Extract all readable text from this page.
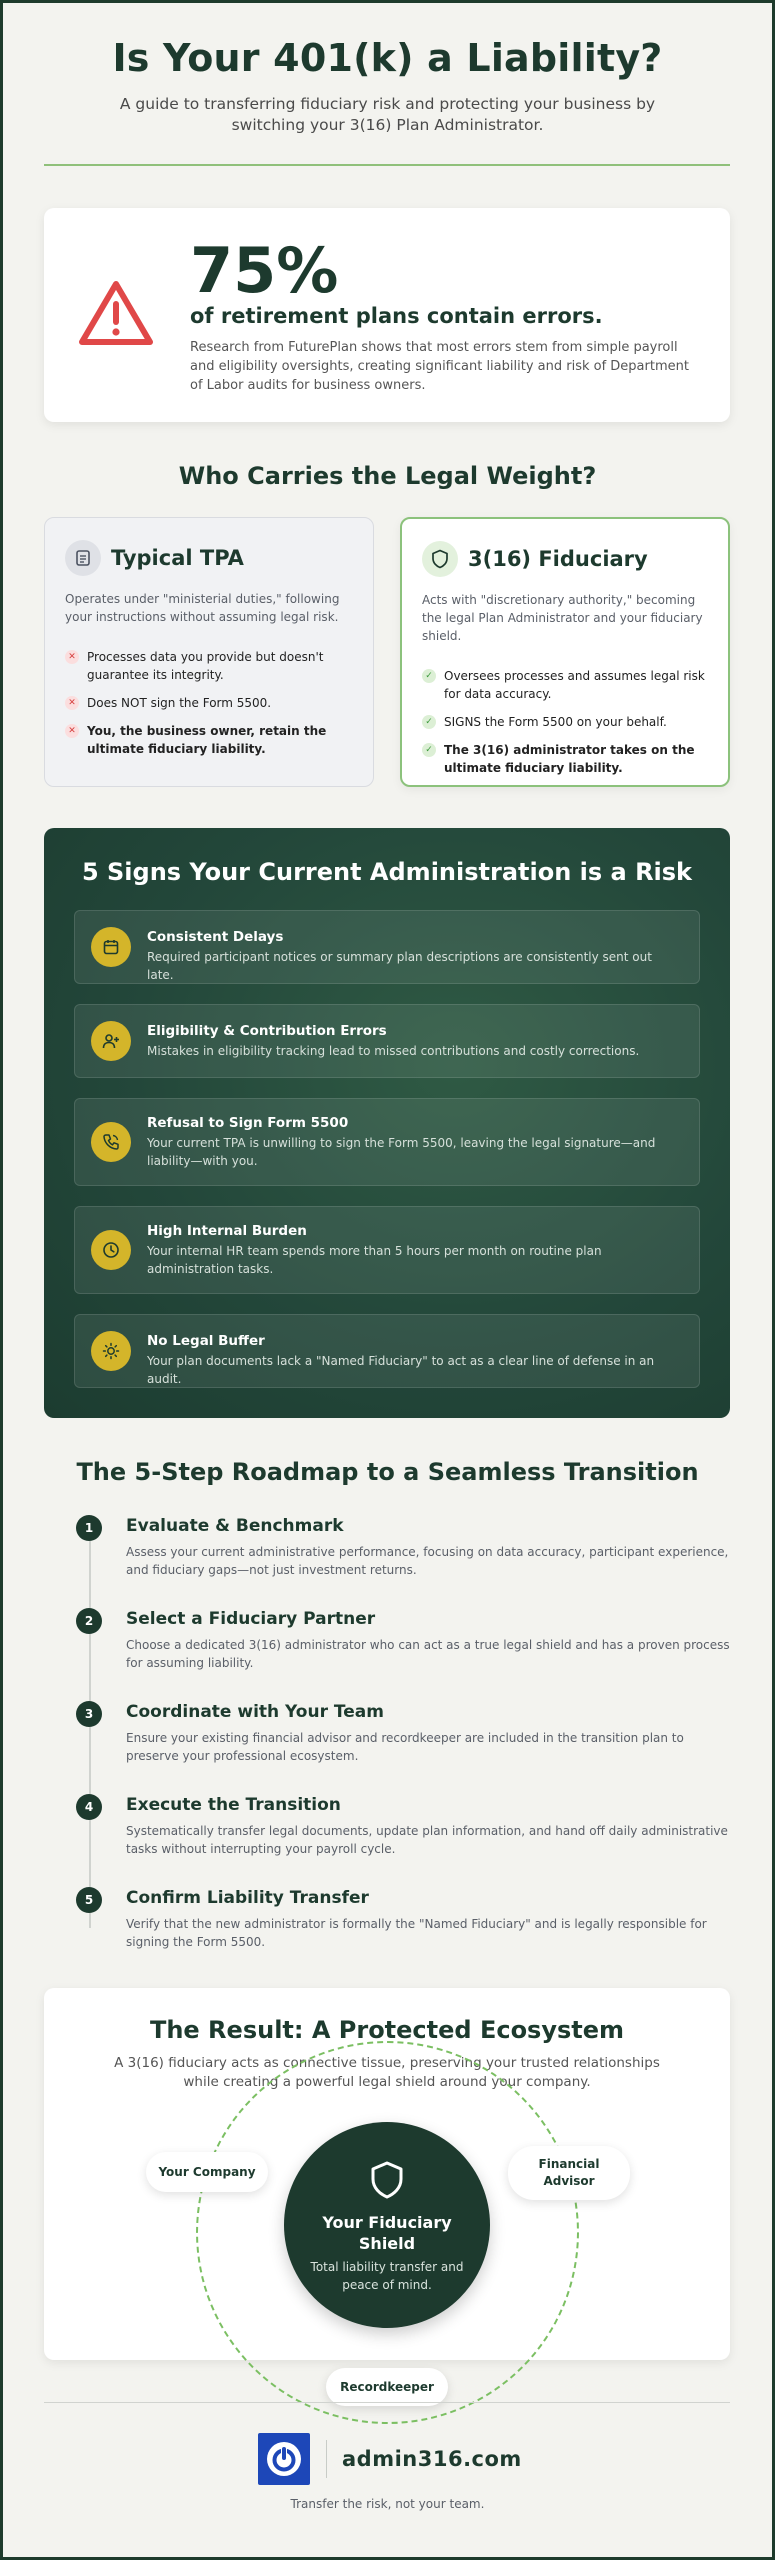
Is Your 401(k) a Liability?

A guide to transferring fiduciary risk and protecting your business by switching your 3(16) Plan Administrator.

75%
of retirement plans contain errors.
Research from FuturePlan shows that most errors stem from simple payroll and eligibility oversights, creating significant liability and risk of Department of Labor audits for business owners.
Who Carries the Legal Weight?
Typical TPA
Operates under "ministerial duties," following your instructions without assuming legal risk.
✕ Processes data you provide but doesn't guarantee its integrity.
✕ Does NOT sign the Form 5500.
✕ You, the business owner, retain the ultimate fiduciary liability.
3(16) Fiduciary
Acts with "discretionary authority," becoming the legal Plan Administrator and your fiduciary shield.
✓ Oversees processes and assumes legal risk for data accuracy.
✓ SIGNS the Form 5500 on your behalf.
✓ The 3(16) administrator takes on the ultimate fiduciary liability.
5 Signs Your Current Administration is a Risk
Consistent Delays
Required participant notices or summary plan descriptions are consistently sent out late.
Eligibility & Contribution Errors
Mistakes in eligibility tracking lead to missed contributions and costly corrections.
Refusal to Sign Form 5500
Your current TPA is unwilling to sign the Form 5500, leaving the legal signature—and liability—with you.
High Internal Burden
Your internal HR team spends more than 5 hours per month on routine plan administration tasks.
No Legal Buffer
Your plan documents lack a "Named Fiduciary" to act as a clear line of defense in an audit.
The 5-Step Roadmap to a Seamless Transition
1	Evaluate & Benchmark
Assess your current administrative performance, focusing on data accuracy, participant experience, and fiduciary gaps—not just investment returns.
2	Select a Fiduciary Partner
Choose a dedicated 3(16) administrator who can act as a true legal shield and has a proven process for assuming liability.
3	Coordinate with Your Team
Ensure your existing financial advisor and recordkeeper are included in the transition plan to preserve your professional ecosystem.
4	Execute the Transition
Systematically transfer legal documents, update plan information, and hand off daily administrative tasks without interrupting your payroll cycle.
5	Confirm Liability Transfer
Verify that the new administrator is formally the "Named Fiduciary" and is legally responsible for signing the Form 5500.
The Result: A Protected Ecosystem
A 3(16) fiduciary acts as connective tissue, preserving your trusted relationships while creating a powerful legal shield around your company.
Your Fiduciary Shield
Total liability transfer and peace of mind.
Your Company
Financial Advisor
Recordkeeper
admin316.com
Transfer the risk, not your team.
